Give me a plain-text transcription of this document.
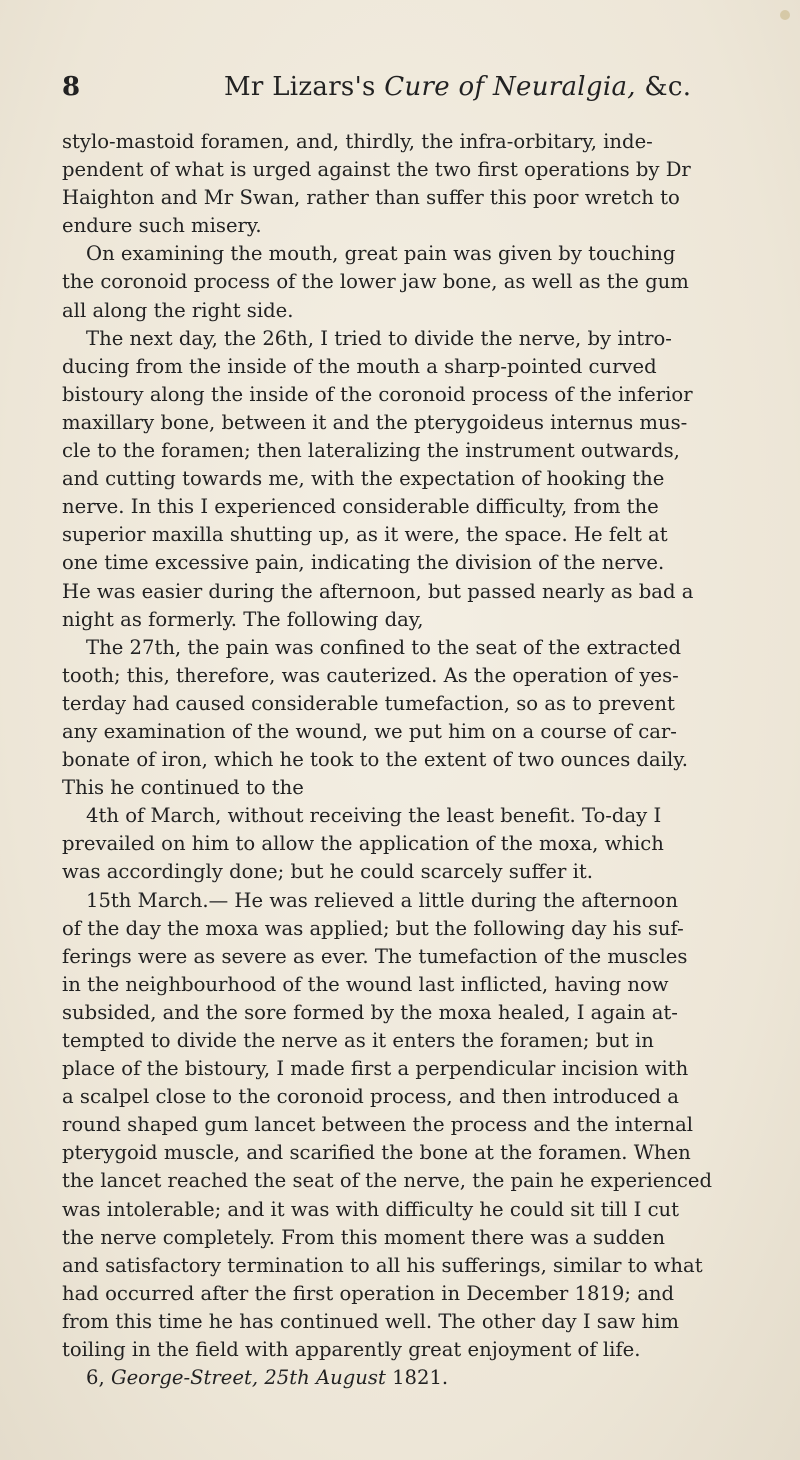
8	Mr Lizars's Cure of Neuralgia, &c.
stylo-mastoid foramen, and, thirdly, the infra-orbitary, inde-
pendent of what is urged against the two first operations by Dr
Haighton and Mr Swan, rather than suffer this poor wretch to
endure such misery.
On examining the mouth, great pain was given by touching
the coronoid process of the lower jaw bone, as well as the gum
all along the right side.
The next day, the 26th, I tried to divide the nerve, by intro-
ducing from the inside of the mouth a sharp-pointed curved
bistoury along the inside of the coronoid process of the inferior
maxillary bone, between it and the pterygoideus internus mus-
cle to the foramen; then lateralizing the instrument outwards,
and cutting towards me, with the expectation of hooking the
nerve. In this I experienced considerable difficulty, from the
superior maxilla shutting up, as it were, the space. He felt at
one time excessive pain, indicating the division of the nerve.
He was easier during the afternoon, but passed nearly as bad a
night as formerly. The following day,
The 27th, the pain was confined to the seat of the extracted
tooth; this, therefore, was cauterized. As the operation of yes-
terday had caused considerable tumefaction, so as to prevent
any examination of the wound, we put him on a course of car-
bonate of iron, which he took to the extent of two ounces daily.
This he continued to the
4th of March, without receiving the least benefit. To-day I
prevailed on him to allow the application of the moxa, which
was accordingly done; but he could scarcely suffer it.
15th March.— He was relieved a little during the afternoon
of the day the moxa was applied; but the following day his suf-
ferings were as severe as ever. The tumefaction of the muscles
in the neighbourhood of the wound last inflicted, having now
subsided, and the sore formed by the moxa healed, I again at-
tempted to divide the nerve as it enters the foramen; but in
place of the bistoury, I made first a perpendicular incision with
a scalpel close to the coronoid process, and then introduced a
round shaped gum lancet between the process and the internal
pterygoid muscle, and scarified the bone at the foramen. When
the lancet reached the seat of the nerve, the pain he experienced
was intolerable; and it was with difficulty he could sit till I cut
the nerve completely. From this moment there was a sudden
and satisfactory termination to all his sufferings, similar to what
had occurred after the first operation in December 1819; and
from this time he has continued well. The other day I saw him
toiling in the field with apparently great enjoyment of life.
6, George-Street, 25th August 1821.
